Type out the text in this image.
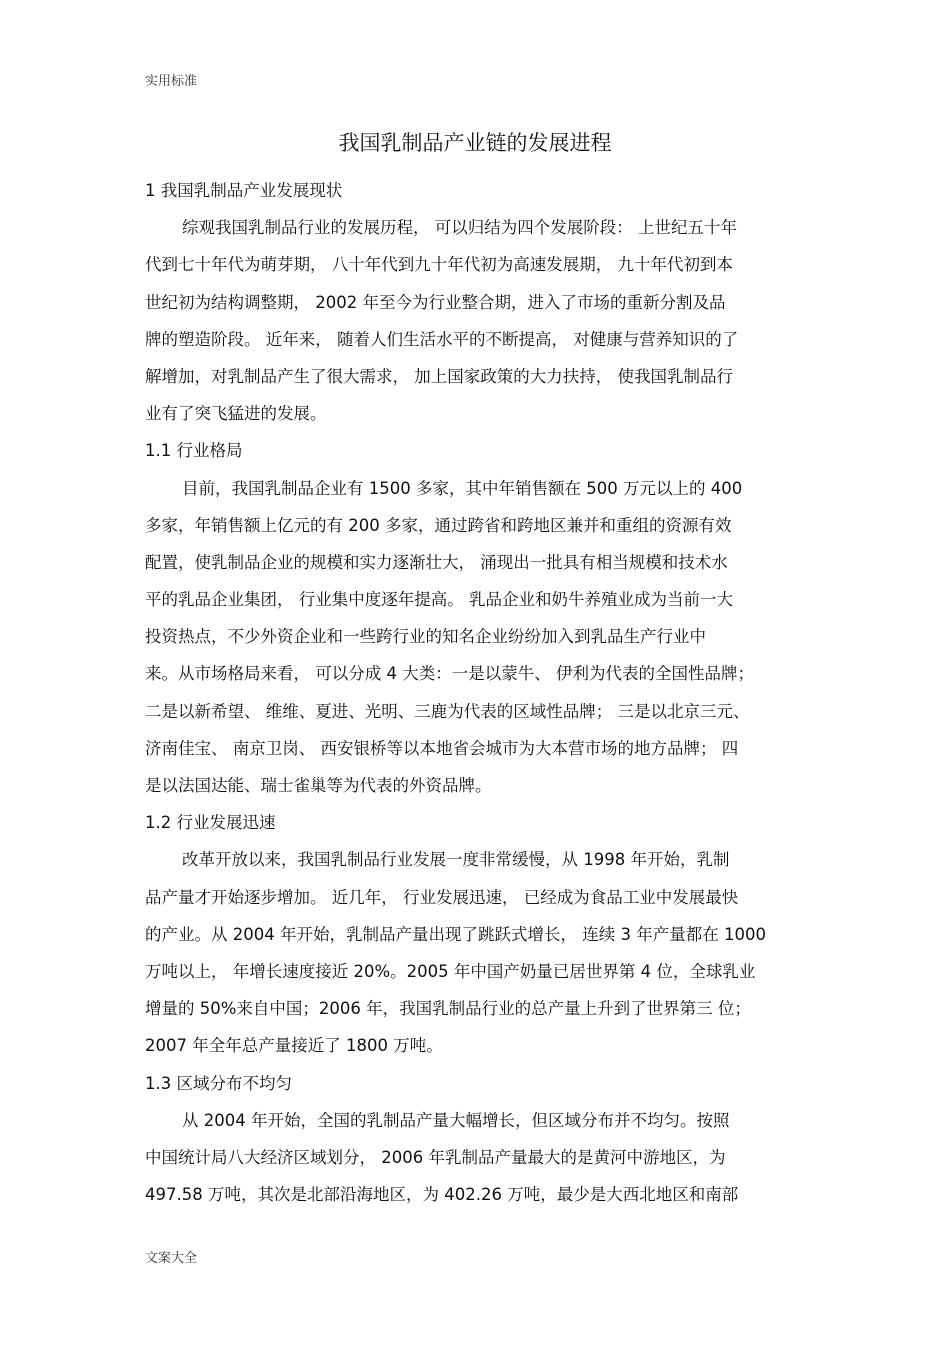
实用标准
我国乳制品产业链的发展进程
1 我国乳制品产业发展现状
综观我国乳制品行业的发展历程， 可以归结为四个发展阶段： 上世纪五十年
代到七十年代为萌芽期， 八十年代到九十年代初为高速发展期， 九十年代初到本
世纪初为结构调整期， 2002 年至今为行业整合期，进入了市场的重新分割及品
牌的塑造阶段。 近年来， 随着人们生活水平的不断提高， 对健康与营养知识的了
解增加，对乳制品产生了很大需求， 加上国家政策的大力扶持， 使我国乳制品行
业有了突飞猛进的发展。
1.1 行业格局
目前，我国乳制品企业有 1500 多家，其中年销售额在 500 万元以上的 400
多家，年销售额上亿元的有 200 多家，通过跨省和跨地区兼并和重组的资源有效
配置，使乳制品企业的规模和实力逐渐壮大， 涌现出一批具有相当规模和技术水
平的乳品企业集团， 行业集中度逐年提高。 乳品企业和奶牛养殖业成为当前一大
投资热点，不少外资企业和一些跨行业的知名企业纷纷加入到乳品生产行业中
来。从市场格局来看， 可以分成 4 大类：一是以蒙牛、 伊利为代表的全国性品牌；
二是以新希望、 维维、夏进、光明、三鹿为代表的区域性品牌； 三是以北京三元、
济南佳宝、 南京卫岗、 西安银桥等以本地省会城市为大本营市场的地方品牌； 四
是以法国达能、瑞士雀巢等为代表的外资品牌。
1.2 行业发展迅速
改革开放以来，我国乳制品行业发展一度非常缓慢，从 1998 年开始，乳制
品产量才开始逐步增加。 近几年， 行业发展迅速， 已经成为食品工业中发展最快
的产业。从 2004 年开始，乳制品产量出现了跳跃式增长， 连续 3 年产量都在 1000
万吨以上， 年增长速度接近 20%。2005 年中国产奶量已居世界第 4 位，全球乳业
增量的 50%来自中国；2006 年，我国乳制品行业的总产量上升到了世界第三 位；
2007 年全年总产量接近了 1800 万吨。
1.3 区域分布不均匀
从 2004 年开始，全国的乳制品产量大幅增长，但区域分布并不均匀。按照
中国统计局八大经济区域划分， 2006 年乳制品产量最大的是黄河中游地区，为
497.58 万吨，其次是北部沿海地区，为 402.26 万吨，最少是大西北地区和南部
文案大全
